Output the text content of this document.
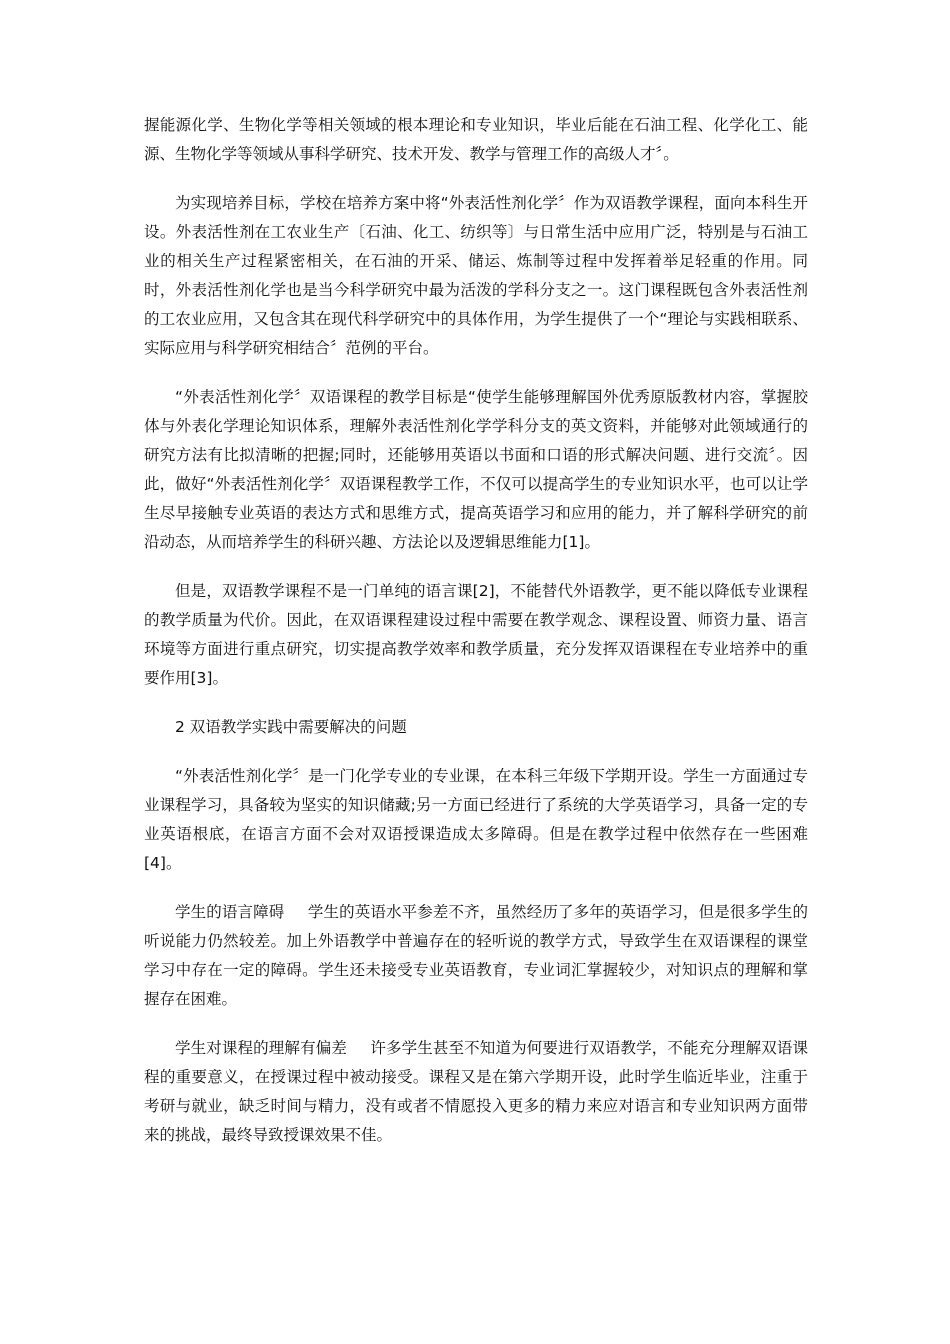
握能源化学、生物化学等相关领域的根本理论和专业知识，毕业后能在石油工程、化学化工、能源、生物化学等领域从事科学研究、技术开发、教学与管理工作的高级人才〞。

为实现培养目标，学校在培养方案中将“外表活性剂化学〞作为双语教学课程，面向本科生开设。外表活性剂在工农业生产〔石油、化工、纺织等〕与日常生活中应用广泛，特别是与石油工业的相关生产过程紧密相关，在石油的开采、储运、炼制等过程中发挥着举足轻重的作用。同时，外表活性剂化学也是当今科学研究中最为活泼的学科分支之一。这门课程既包含外表活性剂的工农业应用，又包含其在现代科学研究中的具体作用，为学生提供了一个“理论与实践相联系、实际应用与科学研究相结合〞范例的平台。

“外表活性剂化学〞双语课程的教学目标是“使学生能够理解国外优秀原版教材内容，掌握胶体与外表化学理论知识体系，理解外表活性剂化学学科分支的英文资料，并能够对此领域通行的研究方法有比拟清晰的把握;同时，还能够用英语以书面和口语的形式解决问题、进行交流〞。因此，做好“外表活性剂化学〞双语课程教学工作，不仅可以提高学生的专业知识水平，也可以让学生尽早接触专业英语的表达方式和思维方式，提高英语学习和应用的能力，并了解科学研究的前沿动态，从而培养学生的科研兴趣、方法论以及逻辑思维能力[1]。

但是，双语教学课程不是一门单纯的语言课[2]，不能替代外语教学，更不能以降低专业课程的教学质量为代价。因此，在双语课程建设过程中需要在教学观念、课程设置、师资力量、语言环境等方面进行重点研究，切实提高教学效率和教学质量，充分发挥双语课程在专业培养中的重要作用[3]。

2 双语教学实践中需要解决的问题

“外表活性剂化学〞是一门化学专业的专业课，在本科三年级下学期开设。学生一方面通过专业课程学习，具备较为坚实的知识储藏;另一方面已经进行了系统的大学英语学习，具备一定的专业英语根底，在语言方面不会对双语授课造成太多障碍。但是在教学过程中依然存在一些困难[4]。

学生的语言障碍 学生的英语水平参差不齐，虽然经历了多年的英语学习，但是很多学生的听说能力仍然较差。加上外语教学中普遍存在的轻听说的教学方式，导致学生在双语课程的课堂学习中存在一定的障碍。学生还未接受专业英语教育，专业词汇掌握较少，对知识点的理解和掌握存在困难。

学生对课程的理解有偏差 许多学生甚至不知道为何要进行双语教学，不能充分理解双语课程的重要意义，在授课过程中被动接受。课程又是在第六学期开设，此时学生临近毕业，注重于考研与就业，缺乏时间与精力，没有或者不情愿投入更多的精力来应对语言和专业知识两方面带来的挑战，最终导致授课效果不佳。
